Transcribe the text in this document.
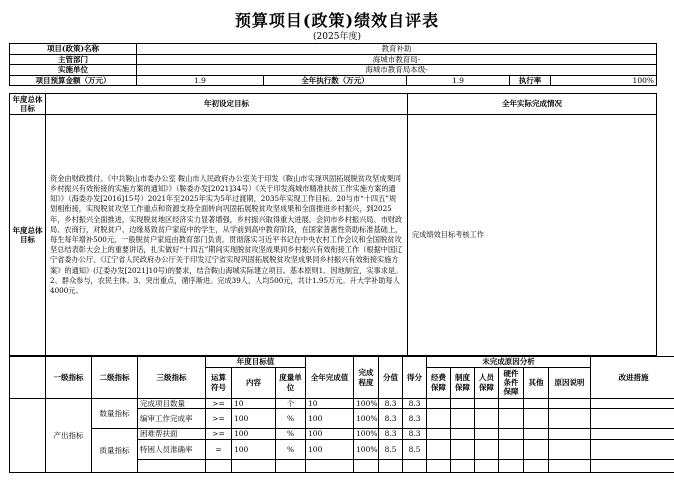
预算项目(政策)绩效自评表
(2025年度)
项目(政策)名称	教育补助				
主管部门	海城市教育局-				
实施单位	海城市教育局本级-				
项目预算金额（万元）	1.9	全年执行数（万元）	1.9	执行率	100%
年度总体目标	年初设定目标	全年实际完成情况
年度总体目标	资金由财政拨付。《中共鞍山市委办公室 鞍山市人民政府办公室关于印发《鞍山市实现巩固拓展脱贫攻坚成果同乡村振兴有效衔接的实施方案的通知》》（鞍委办发[2021]34号）《关于印发海城市精准扶贫工作实施方案的通知》》（海委办发[2016]15号）2021年至2025年实为5年过渡期，2035年实现工作目标。20与市“十四五”规划相衔接，实现脱贫攻坚工作重点和资源支持全面转向巩固拓展脱贫攻坚成果和全面推进乡村振兴，到2025年，乡村振兴全面推进，实现脱贫地区经济实力显著增强，乡村振兴取得重大进展。会同市乡村振兴局、市财政局、农商行，对脱贫户、边缘易致贫户家庭中的学生，从学前到高中教育阶段，在国家普惠性资助标准基础上，每生每年增补500元，一般脱贫户家庭由教育部门负责。贯彻落实习近平书记在中央农村工作会议和全国脱贫攻坚总结表彰大会上的重要讲话，扎实做好“十四五”期间实现脱贫攻坚成果同乡村振兴有效衔接工作（根据中国辽宁省委办公厅、《辽宁省人民政府办公厅关于印发辽宁省实现巩固拓展脱贫攻坚成果同乡村振兴有效衔接实施方案》的通知》(辽委办发[2021]10号)的要求，结合鞍山海城实际建立项目。基本原则1、因地制宜，实事求是。2、群众参与，农民主体。3、突出重点，循序渐进。完成39人，人均500元，共计1.95万元。升大学补助每人4000元。	完成绩效目标考核工作
	一级指标	二级指标	三级指标	年度目标值			全年完成值	完成程度	分值	得分	未完成原因分析						改进措施
				运算符号	内容	度量单位					经费保障	制度保障	人员保障	硬件条件保障	其他	原因说明	
	产出指标	数量指标	完成项目数量	>=	10	个	10	100%	8.3	8.3							
			编审工作完成率	>=	100	%	100	100%	8.3	8.3							
		质量指标	困难帮扶面	>=	100	%	100	100%	8.3	8.3							
			特困人员准确率	=	100	%	100	100%	8.5	8.5							
